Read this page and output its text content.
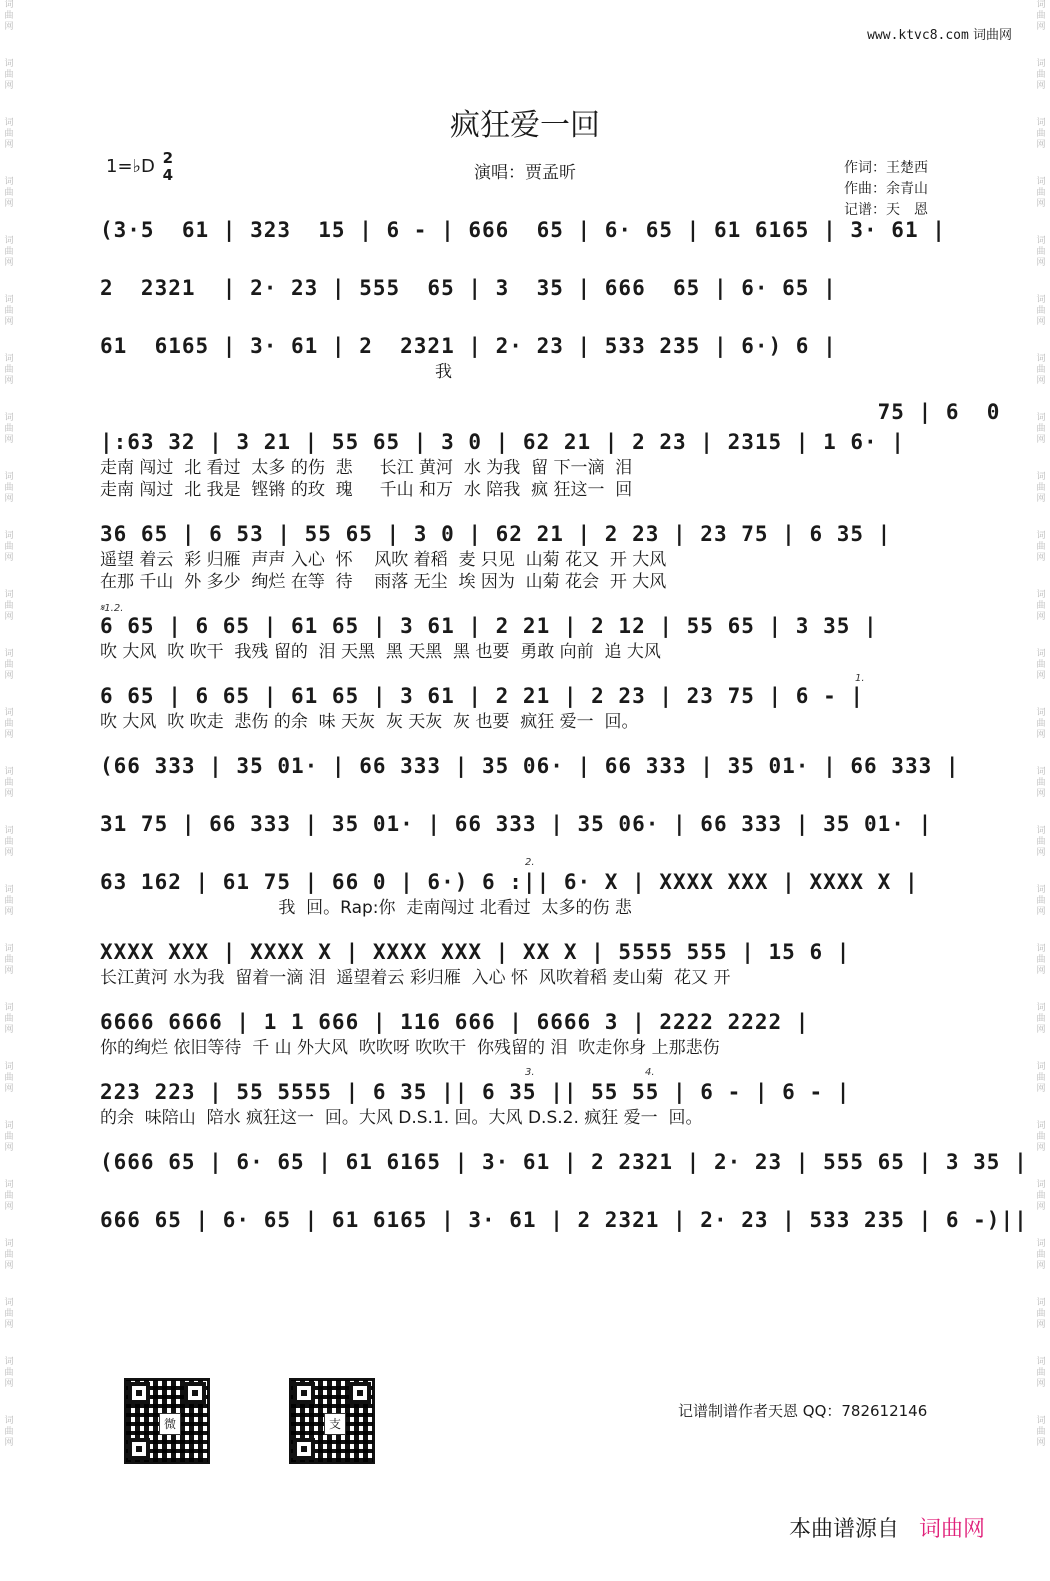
词曲网
词曲网
词曲网
词曲网
词曲网
词曲网
词曲网
词曲网
词曲网
词曲网
词曲网
词曲网
词曲网
词曲网
词曲网
词曲网
词曲网
词曲网
词曲网
词曲网
词曲网
词曲网
词曲网
词曲网
词曲网
词曲网
词曲网
词曲网
词曲网
词曲网
词曲网
词曲网
词曲网
词曲网
词曲网
词曲网
词曲网
词曲网
词曲网
词曲网
词曲网
词曲网
词曲网
词曲网
词曲网
词曲网
词曲网
词曲网
词曲网
词曲网
www.ktvc8.com 词曲网
疯狂爱一回
1=♭D 2
4	演唱：贾孟昕	作词：王楚西
作曲：余青山
记谱：天　恩
(3·5  61 | 323  15 | 6 - | 666  65 | 6· 65 | 61 6165 | 3· 61 |
2  2321  | 2· 23 | 555  65 | 3  35 | 666  65 | 6· 65 |
61  6165 | 3· 61 | 2  2321 | 2· 23 | 533 235 | 6·) 6 |
我
75 | 6  0
|:63 32 | 3 21 | 55 65 | 3 0 | 62 21 | 2 23 | 2315 | 1 6· |
走南 闯过  北 看过  太多 的伤  悲     长江 黄河  水 为我  留 下一滴  泪
走南 闯过  北 我是  铿锵 的玫  瑰     千山 和万  水 陪我  疯 狂这一  回
36 65 | 6 53 | 55 65 | 3 0 | 62 21 | 2 23 | 23 75 | 6 35 |
遥望 着云  彩 归雁  声声 入心  怀    风吹 着稻  麦 只见  山菊 花又  开 大风
在那 千山  外 多少  绚烂 在等  待    雨落 无尘  埃 因为  山菊 花会  开 大风
𝄋1.2.
6 65 | 6 65 | 61 65 | 3 61 | 2 21 | 2 12 | 55 65 | 3 35 |
吹 大风  吹 吹干  我残 留的  泪 天黑  黑 天黑  黑 也要  勇敢 向前  追 大风
1.
6 65 | 6 65 | 61 65 | 3 61 | 2 21 | 2 23 | 23 75 | 6 - |
吹 大风  吹 吹走  悲伤 的余  味 天灰  灰 天灰  灰 也要  疯狂 爱一  回。
(66 333 | 35 01· | 66 333 | 35 06· | 66 333 | 35 01· | 66 333 |
31 75 | 66 333 | 35 01· | 66 333 | 35 06· | 66 333 | 35 01· |
2.
63 162 | 61 75 | 66 0 | 6·) 6 :|| 6· X | XXXX XXX | XXXX X |
我  回。Rap:你  走南闯过 北看过  太多的伤 悲
XXXX XXX | XXXX X | XXXX XXX | XX X | 5555 555 | 15 6 |
长江黄河 水为我  留着一滴 泪  遥望着云 彩归雁  入心 怀  风吹着稻 麦山菊  花又 开
6666 6666 | 1 1 666 | 116 666 | 6666 3 | 2222 2222 |
你的绚烂 依旧等待  千 山 外大风  吹吹呀 吹吹干  你残留的 泪  吹走你身 上那悲伤
3.	4.
223 223 | 55 5555 | 6 35 || 6 35 || 55 55 | 6 - | 6 - |
的余  味陪山  陪水 疯狂这一  回。大风 D.S.1. 回。大风 D.S.2. 疯狂 爱一  回。
(666 65 | 6· 65 | 61 6165 | 3· 61 | 2 2321 | 2· 23 | 555 65 | 3 35 |
666 65 | 6· 65 | 61 6165 | 3· 61 | 2 2321 | 2· 23 | 533 235 | 6 -)||
微	支
记谱制谱作者天恩 QQ：782612146
本曲谱源自 词曲网
